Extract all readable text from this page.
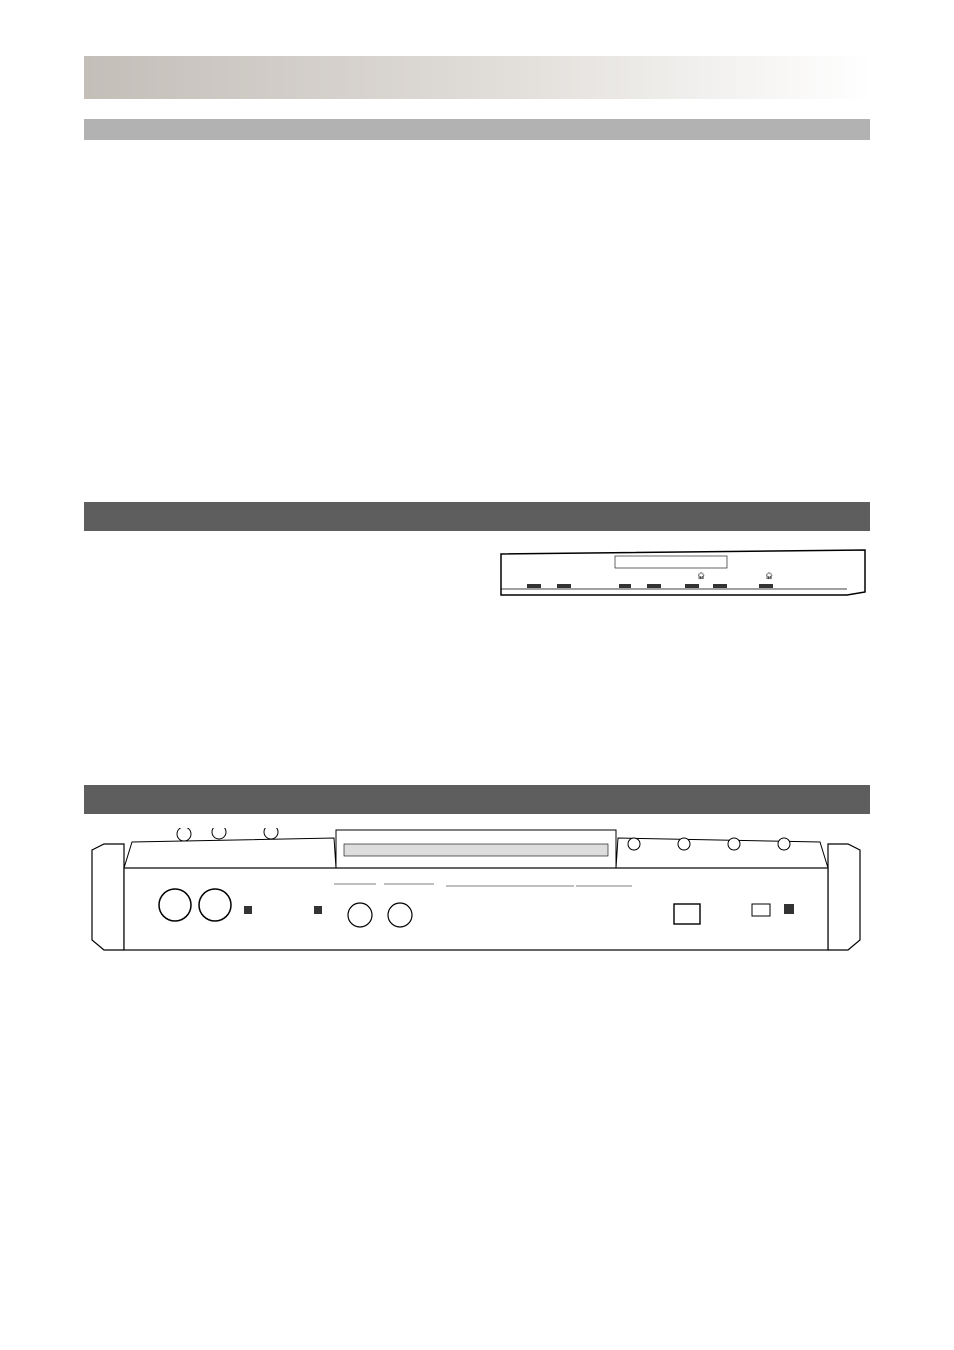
🎧︎	🎧︎
